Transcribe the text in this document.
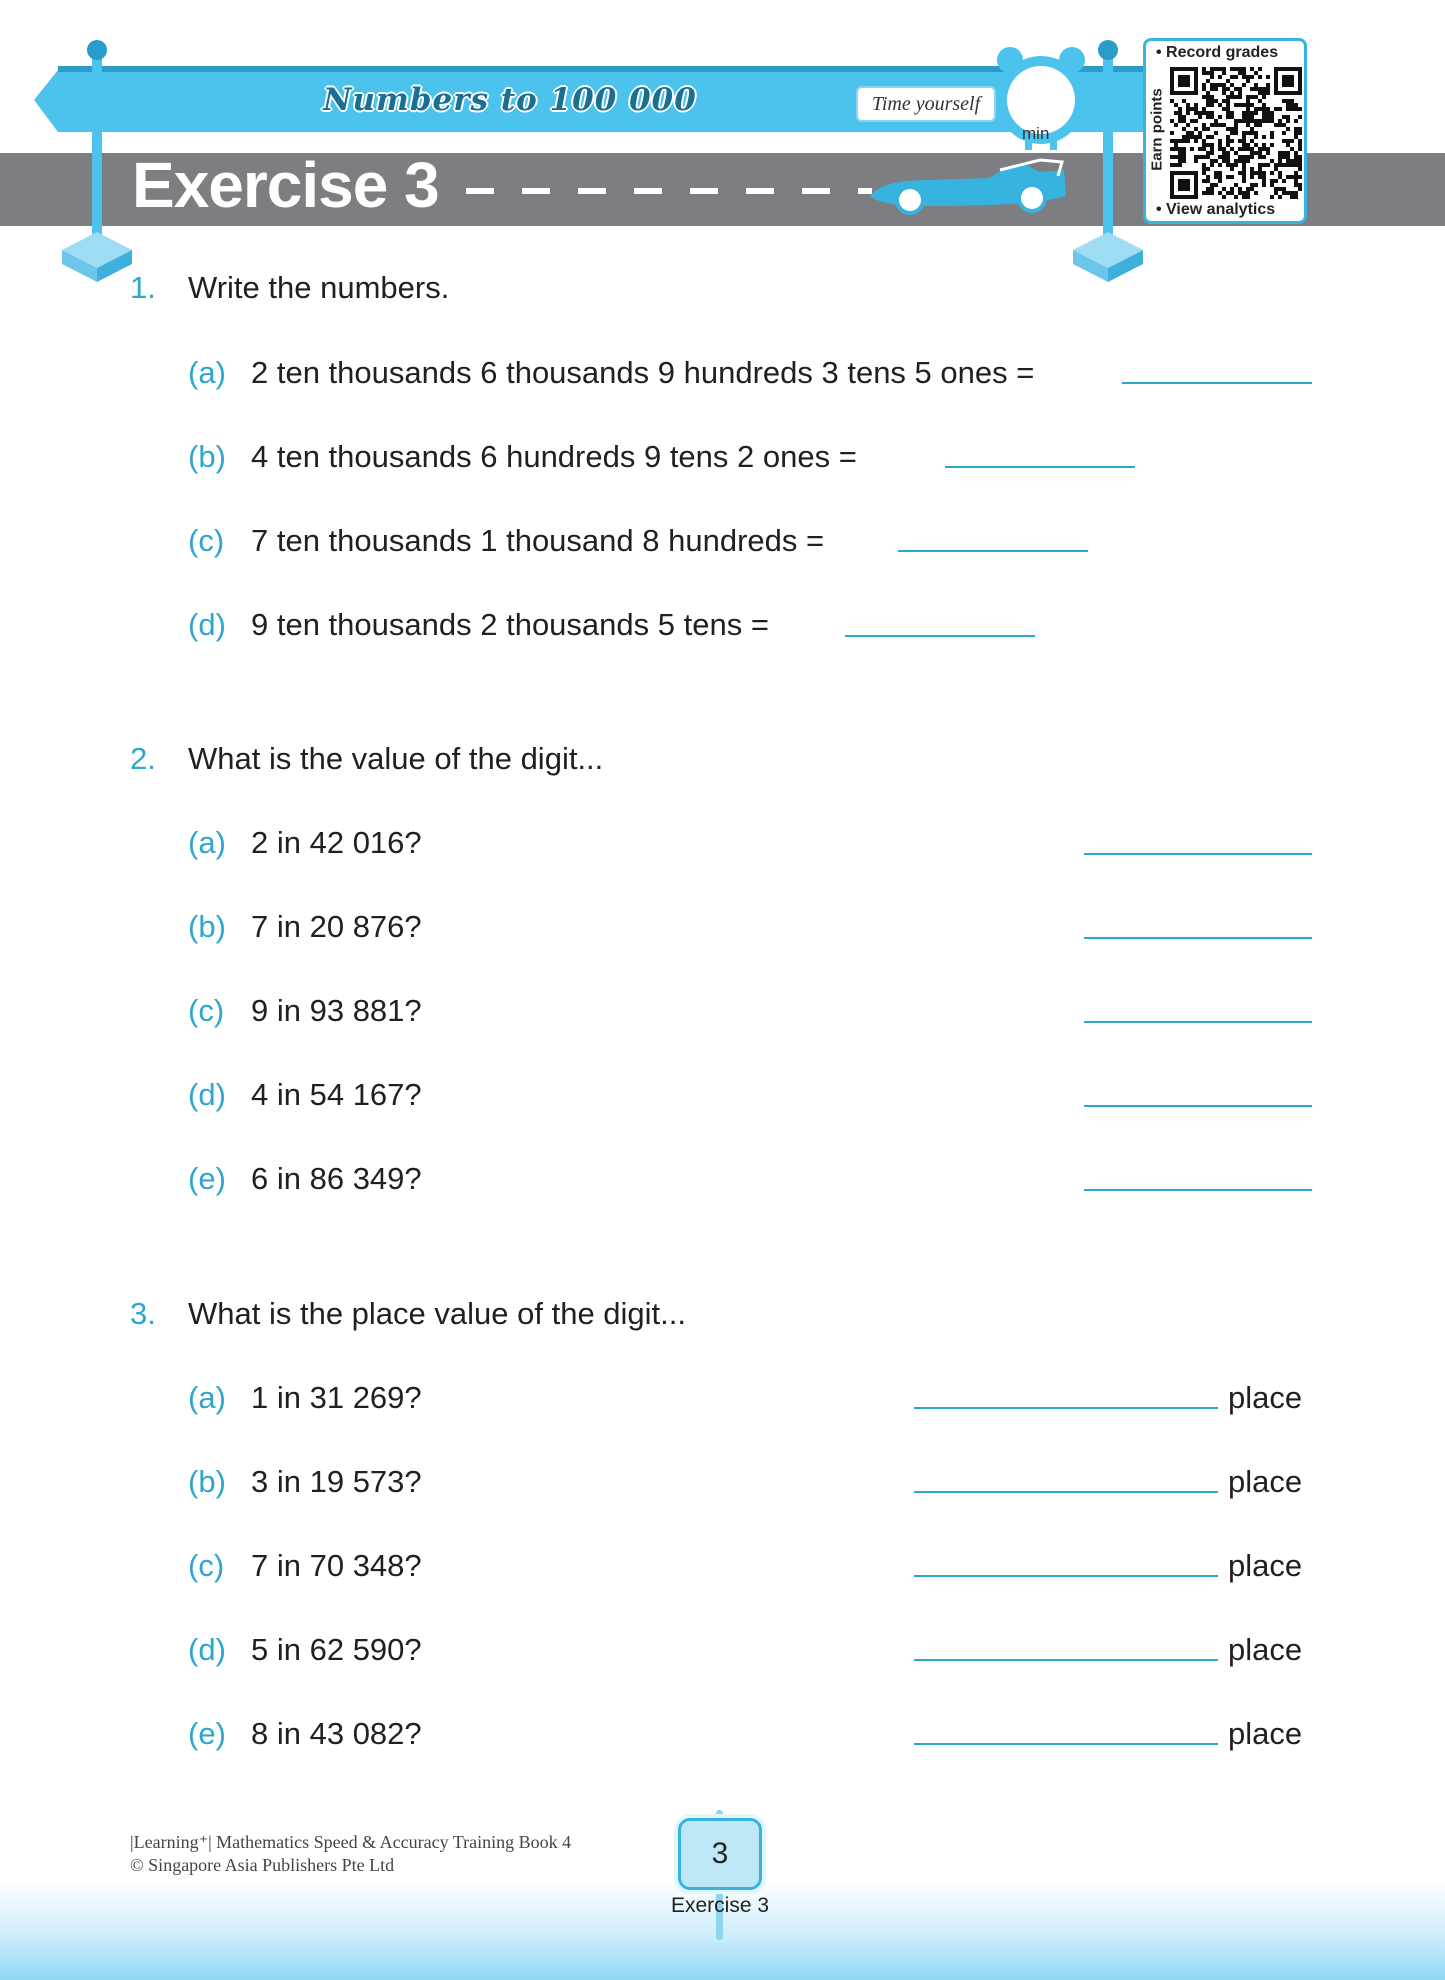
Numbers to 100 000	Time yourself
min
Exercise 3
• Record grades
Earn points
• View analytics
1. Write the numbers.
(a) 2 ten thousands 6 thousands 9 hundreds 3 tens 5 ones =
(b) 4 ten thousands 6 hundreds 9 tens 2 ones =
(c) 7 ten thousands 1 thousand 8 hundreds =
(d) 9 ten thousands 2 thousands 5 tens =
2. What is the value of the digit...
(a) 2 in 42 016?
(b) 7 in 20 876?
(c) 9 in 93 881?
(d) 4 in 54 167?
(e) 6 in 86 349?
3. What is the place value of the digit...
(a) 1 in 31 269?	place
(b) 3 in 19 573?	place
(c) 7 in 70 348?	place
(d) 5 in 62 590?	place
(e) 8 in 43 082?	place
|Learning⁺| Mathematics Speed & Accuracy Training Book 4
© Singapore Asia Publishers Pte Ltd	3
Exercise 3
